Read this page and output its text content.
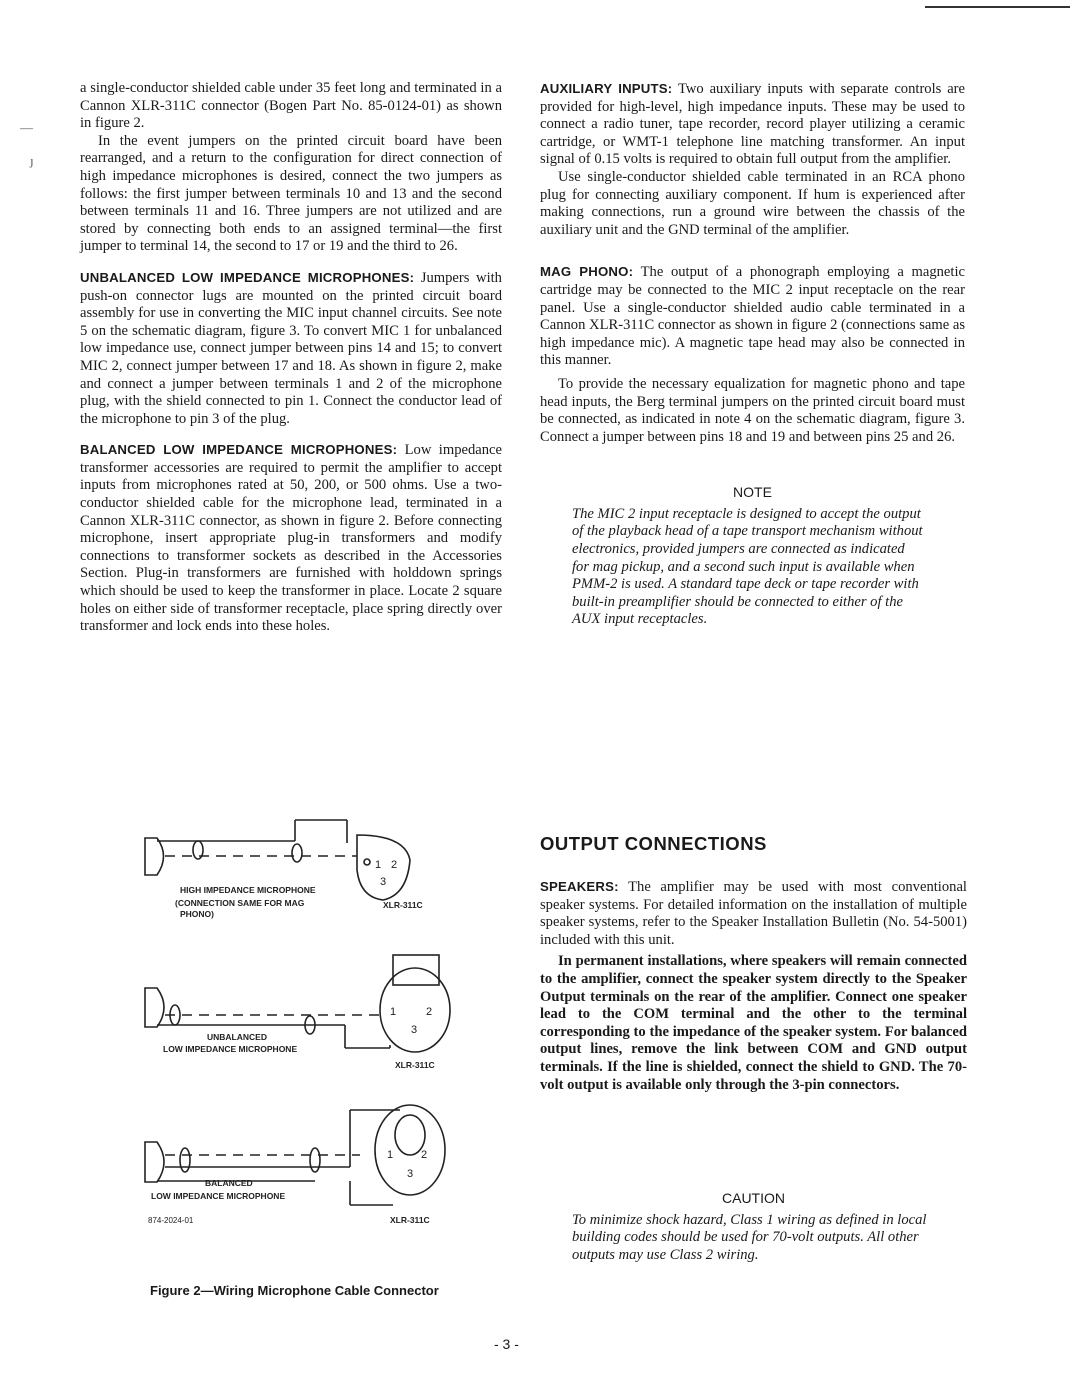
—
ȷ

a single-conductor shielded cable under 35 feet long and terminated in a Cannon XLR-311C connector (Bogen Part No. 85-0124-01) as shown in figure 2.

In the event jumpers on the printed circuit board have been rearranged, and a return to the configuration for direct connection of high impedance microphones is desired, connect the two jumpers as follows: the first jumper between terminals 10 and 13 and the second between terminals 11 and 16. Three jumpers are not utilized and are stored by connecting both ends to an assigned terminal—the first jumper to terminal 14, the second to 17 or 19 and the third to 26.

UNBALANCED LOW IMPEDANCE MICROPHONES: Jumpers with push-on connector lugs are mounted on the printed circuit board assembly for use in converting the MIC input channel circuits. See note 5 on the schematic diagram, figure 3. To convert MIC 1 for unbalanced low impedance use, connect jumper between pins 14 and 15; to convert MIC 2, connect jumper between 17 and 18. As shown in figure 2, make and connect a jumper between terminals 1 and 2 of the microphone plug, with the shield connected to pin 1. Connect the conductor lead of the microphone to pin 3 of the plug.

BALANCED LOW IMPEDANCE MICROPHONES: Low impedance transformer accessories are required to permit the amplifier to accept inputs from microphones rated at 50, 200, or 500 ohms. Use a two-conductor shielded cable for the microphone lead, terminated in a Cannon XLR-311C connector, as shown in figure 2. Before connecting microphone, insert appropriate plug-in transformers and modify connections to transformer sockets as described in the Accessories Section. Plug-in transformers are furnished with holddown springs which should be used to keep the transformer in place. Locate 2 square holes on either side of transformer receptacle, place spring directly over transformer and lock ends into these holes.

1 2
3
HIGH IMPEDANCE MICROPHONE
(CONNECTION SAME FOR MAG
PHONO)
XLR-311C
1	2
3
UNBALANCED
LOW IMPEDANCE MICROPHONE
XLR-311C
1	2
3
BALANCED
LOW IMPEDANCE MICROPHONE
874-2024-01	XLR-311C
Figure 2—Wiring Microphone Cable Connector

AUXILIARY INPUTS: Two auxiliary inputs with separate controls are provided for high-level, high impedance inputs. These may be used to connect a radio tuner, tape recorder, record player utilizing a ceramic cartridge, or WMT-1 telephone line matching transformer. An input signal of 0.15 volts is required to obtain full output from the amplifier.

Use single-conductor shielded cable terminated in an RCA phono plug for connecting auxiliary component. If hum is experienced after making connections, run a ground wire between the chassis of the auxiliary unit and the GND terminal of the amplifier.

MAG PHONO: The output of a phonograph employing a magnetic cartridge may be connected to the MIC 2 input receptacle on the rear panel. Use a single-conductor shielded audio cable terminated in a Cannon XLR-311C connector as shown in figure 2 (connections same as high impedance mic). A magnetic tape head may also be connected in this manner.

To provide the necessary equalization for magnetic phono and tape head inputs, the Berg terminal jumpers on the printed circuit board must be connected, as indicated in note 4 on the schematic diagram, figure 3. Connect a jumper between pins 18 and 19 and between pins 25 and 26.

NOTE

The MIC 2 input receptacle is designed to accept the output of the playback head of a tape transport mechanism without electronics, provided jumpers are connected as indicated for mag pickup, and a second such input is available when PMM-2 is used. A standard tape deck or tape recorder with built-in preamplifier should be connected to either of the AUX input receptacles.

OUTPUT CONNECTIONS

SPEAKERS: The amplifier may be used with most conventional speaker systems. For detailed information on the installation of multiple speaker systems, refer to the Speaker Installation Bulletin (No. 54-5001) included with this unit.

In permanent installations, where speakers will remain connected to the amplifier, connect the speaker system directly to the Speaker Output terminals on the rear of the amplifier. Connect one speaker lead to the COM terminal and the other to the terminal corresponding to the impedance of the speaker system. For balanced output lines, remove the link between COM and GND output terminals. If the line is shielded, connect the shield to GND. The 70-volt output is available only through the 3-pin connectors.

CAUTION

To minimize shock hazard, Class 1 wiring as defined in local building codes should be used for 70-volt outputs. All other outputs may use Class 2 wiring.

- 3 -
